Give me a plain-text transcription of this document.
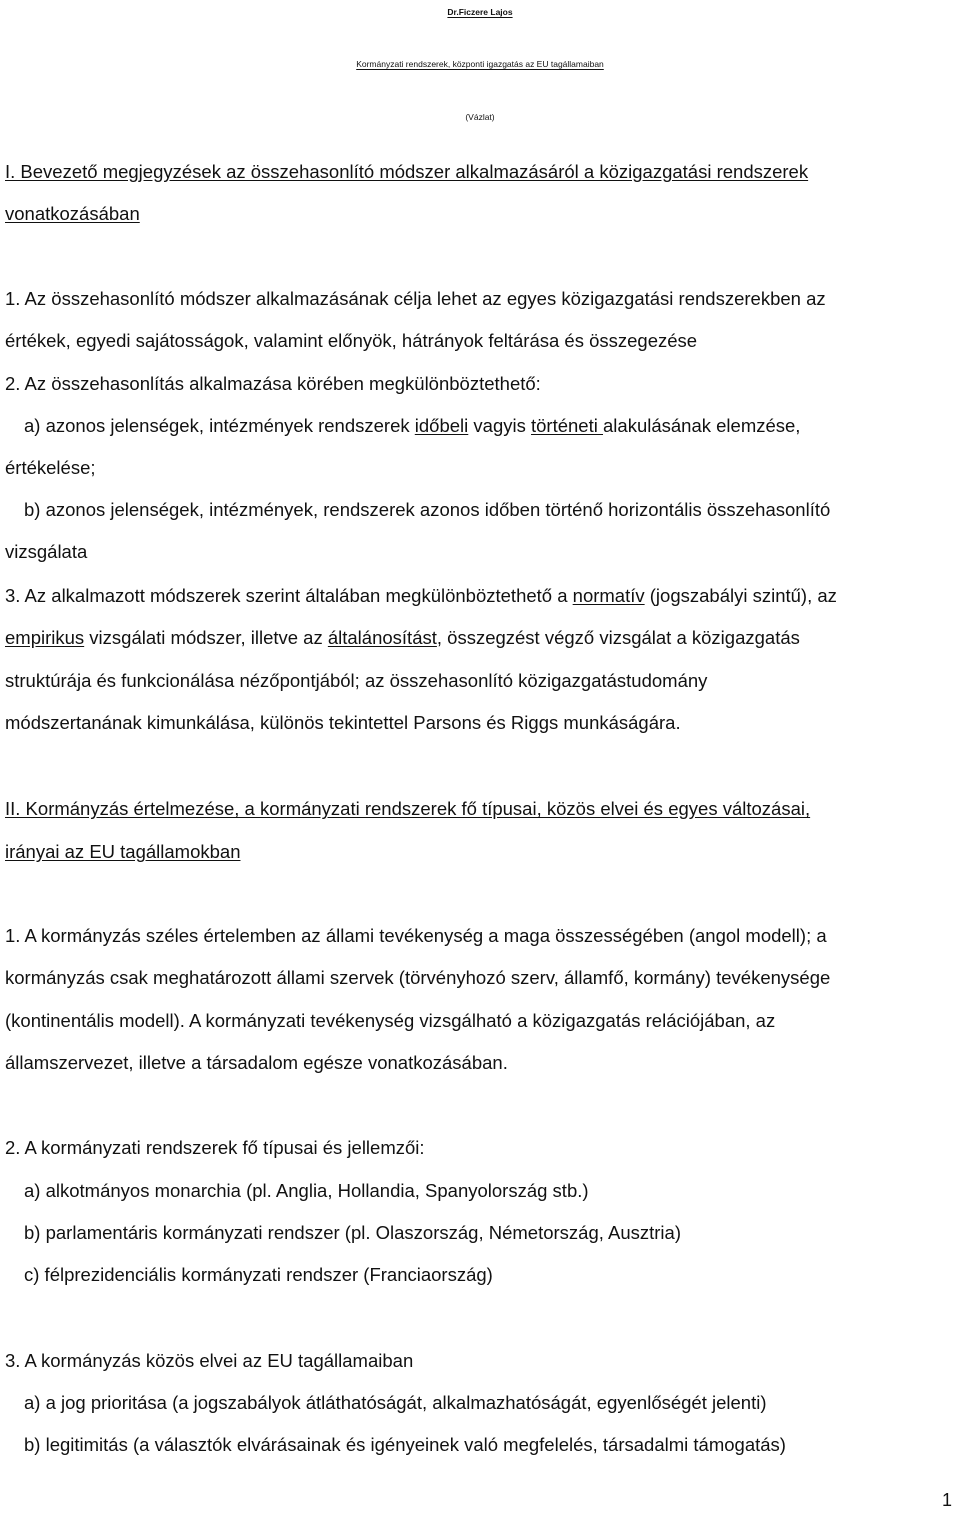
Dr.Ficzere Lajos
Kormányzati rendszerek, központi igazgatás az EU tagállamaiban
(Vázlat)
I. Bevezető megjegyzések az összehasonlító módszer alkalmazásáról a közigazgatási rendszerek
vonatkozásában
1. Az összehasonlító módszer alkalmazásának célja lehet az egyes közigazgatási rendszerekben az
értékek, egyedi sajátosságok, valamint előnyök, hátrányok feltárása és összegezése
2. Az összehasonlítás alkalmazása körében megkülönböztethető:
a) azonos jelenségek, intézmények rendszerek időbeli vagyis történeti alakulásának elemzése,
értékelése;
b) azonos jelenségek, intézmények, rendszerek azonos időben történő horizontális összehasonlító
vizsgálata
3. Az alkalmazott módszerek szerint általában megkülönböztethető a normatív (jogszabályi szintű), az
empirikus vizsgálati módszer, illetve az általánosítást, összegzést végző vizsgálat a közigazgatás
struktúrája és funkcionálása nézőpontjából; az összehasonlító közigazgatástudomány
módszertanának kimunkálása, különös tekintettel Parsons és Riggs munkáságára.
II. Kormányzás értelmezése, a kormányzati rendszerek fő típusai, közös elvei és egyes változásai,
irányai az EU tagállamokban
1. A kormányzás széles értelemben az állami tevékenység a maga összességében (angol modell); a
kormányzás csak meghatározott állami szervek (törvényhozó szerv, államfő, kormány) tevékenysége
(kontinentális modell). A kormányzati tevékenység vizsgálható a közigazgatás relációjában, az
államszervezet, illetve a társadalom egésze vonatkozásában.
2. A kormányzati rendszerek fő típusai és jellemzői:
a) alkotmányos monarchia (pl. Anglia, Hollandia, Spanyolország stb.)
b) parlamentáris kormányzati rendszer (pl. Olaszország, Németország, Ausztria)
c) félprezidenciális kormányzati rendszer (Franciaország)
3. A kormányzás közös elvei az EU tagállamaiban
a) a jog prioritása (a jogszabályok átláthatóságát, alkalmazhatóságát, egyenlőségét jelenti)
b) legitimitás (a választók elvárásainak és igényeinek való megfelelés, társadalmi támogatás)
1
